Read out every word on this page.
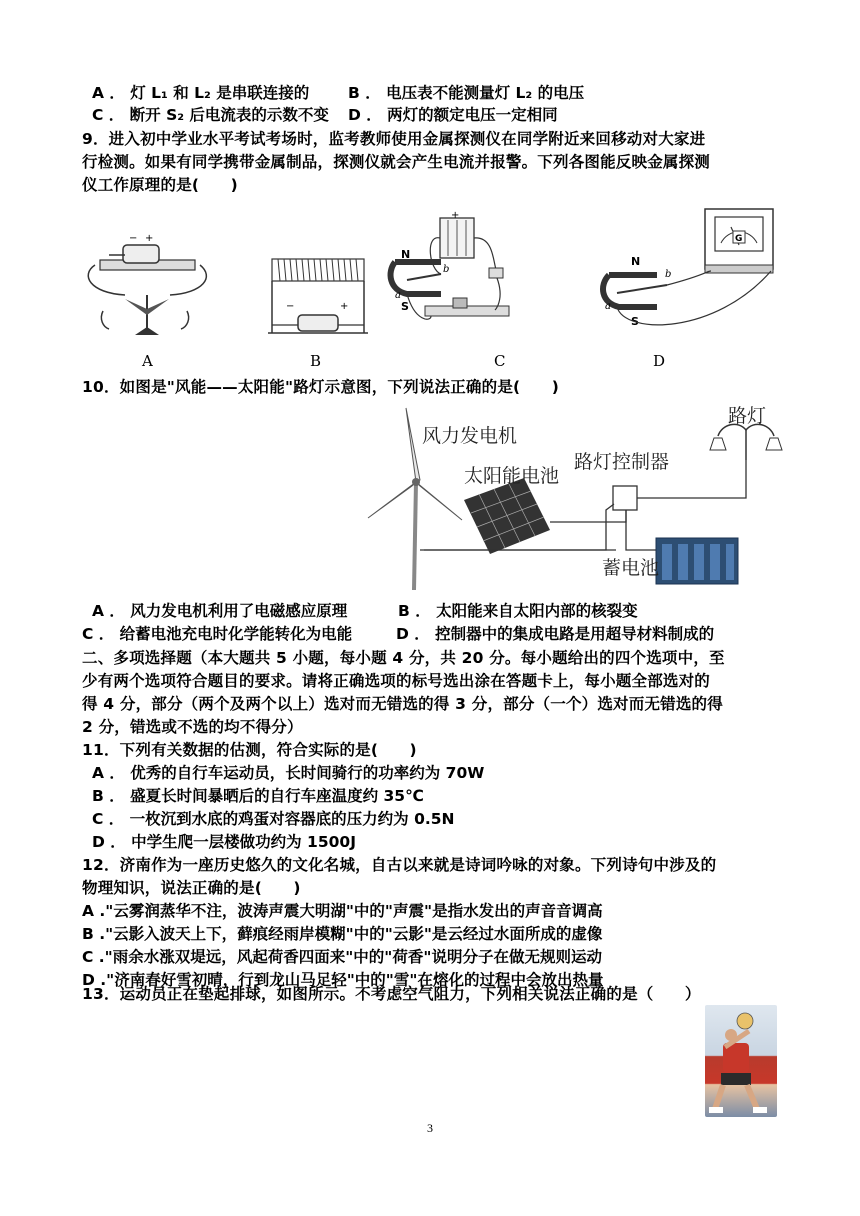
A ． 灯 L₁ 和 L₂ 是串联连接的	B ． 电压表不能测量灯 L₂ 的电压
C ． 断开 S₂ 后电流表的示数不变 D ． 两灯的额定电压一定相同
9．进入初中学业水平考试考场时，监考教师使用金属探测仪在同学附近来回移动对大家进
行检测。如果有同学携带金属制品，探测仪就会产生电流并报警。下列各图能反映金属探测
仪工作原理的是(　　)
− +
A
−	+
B
+
N
S
a
b
C
G
N
S
a
b
D
10．如图是"风能——太阳能"路灯示意图，下列说法正确的是(　　)
风力发电机
太阳能电池
路灯控制器
路灯
蓄电池
A ． 风力发电机利用了电磁感应原理	B ． 太阳能来自太阳内部的核裂变
C ． 给蓄电池充电时化学能转化为电能	D ． 控制器中的集成电路是用超导材料制成的
二、多项选择题（本大题共 5 小题，每小题 4 分，共 20 分。每小题给出的四个选项中，至
少有两个选项符合题目的要求。请将正确选项的标号选出涂在答题卡上，每小题全部选对的
得 4 分，部分（两个及两个以上）选对而无错选的得 3 分，部分（一个）选对而无错选的得
2 分，错选或不选的均不得分）
11．下列有关数据的估测，符合实际的是(　　)
A ． 优秀的自行车运动员，长时间骑行的功率约为 70W
B ． 盛夏长时间暴晒后的自行车座温度约 35℃
C ． 一枚沉到水底的鸡蛋对容器底的压力约为 0.5N
D ． 中学生爬一层楼做功约为 1500J
12．济南作为一座历史悠久的文化名城，自古以来就是诗词吟咏的对象。下列诗句中涉及的
物理知识，说法正确的是(　　)
A ."云雾润蒸华不注，波涛声震大明湖"中的"声震"是指水发出的声音音调高
B ."云影入波天上下，藓痕经雨岸模糊"中的"云影"是云经过水面所成的虚像
C ."雨余水涨双堤远，风起荷香四面来"中的"荷香"说明分子在做无规则运动
D ."济南春好雪初晴，行到龙山马足轻"中的"雪"在熔化的过程中会放出热量
13．运动员正在垫起排球，如图所示。不考虑空气阻力，下列相关说法正确的是（　　）
3
